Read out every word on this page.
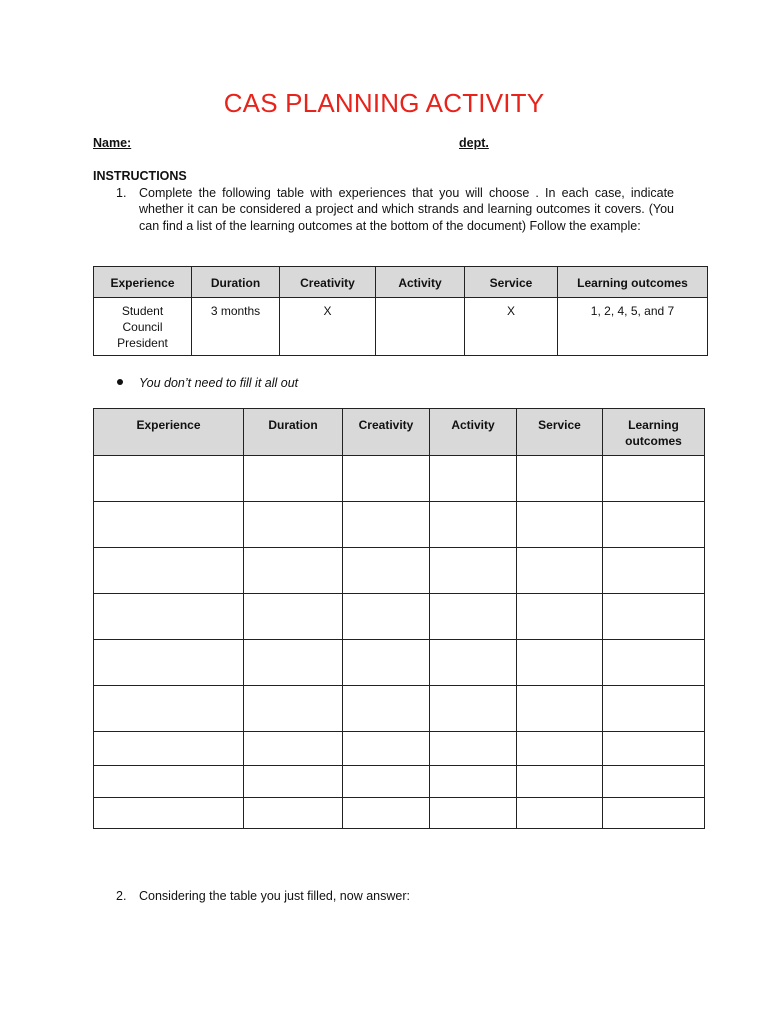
CAS PLANNING ACTIVITY
Name:	dept.
INSTRUCTIONS
1. Complete the following table with experiences that you will choose . In each case, indicate whether it can be considered a project and which strands and learning outcomes it covers. (You can find a list of the learning outcomes at the bottom of the document) Follow the example:
Experience	Duration	Creativity	Activity	Service	Learning outcomes

Student Council President	3 months	X		X	1, 2, 4, 5, and 7
You don’t need to fill it all out
Experience	Duration	Creativity	Activity	Service	Learning outcomes

2. Considering the table you just filled, now answer:
